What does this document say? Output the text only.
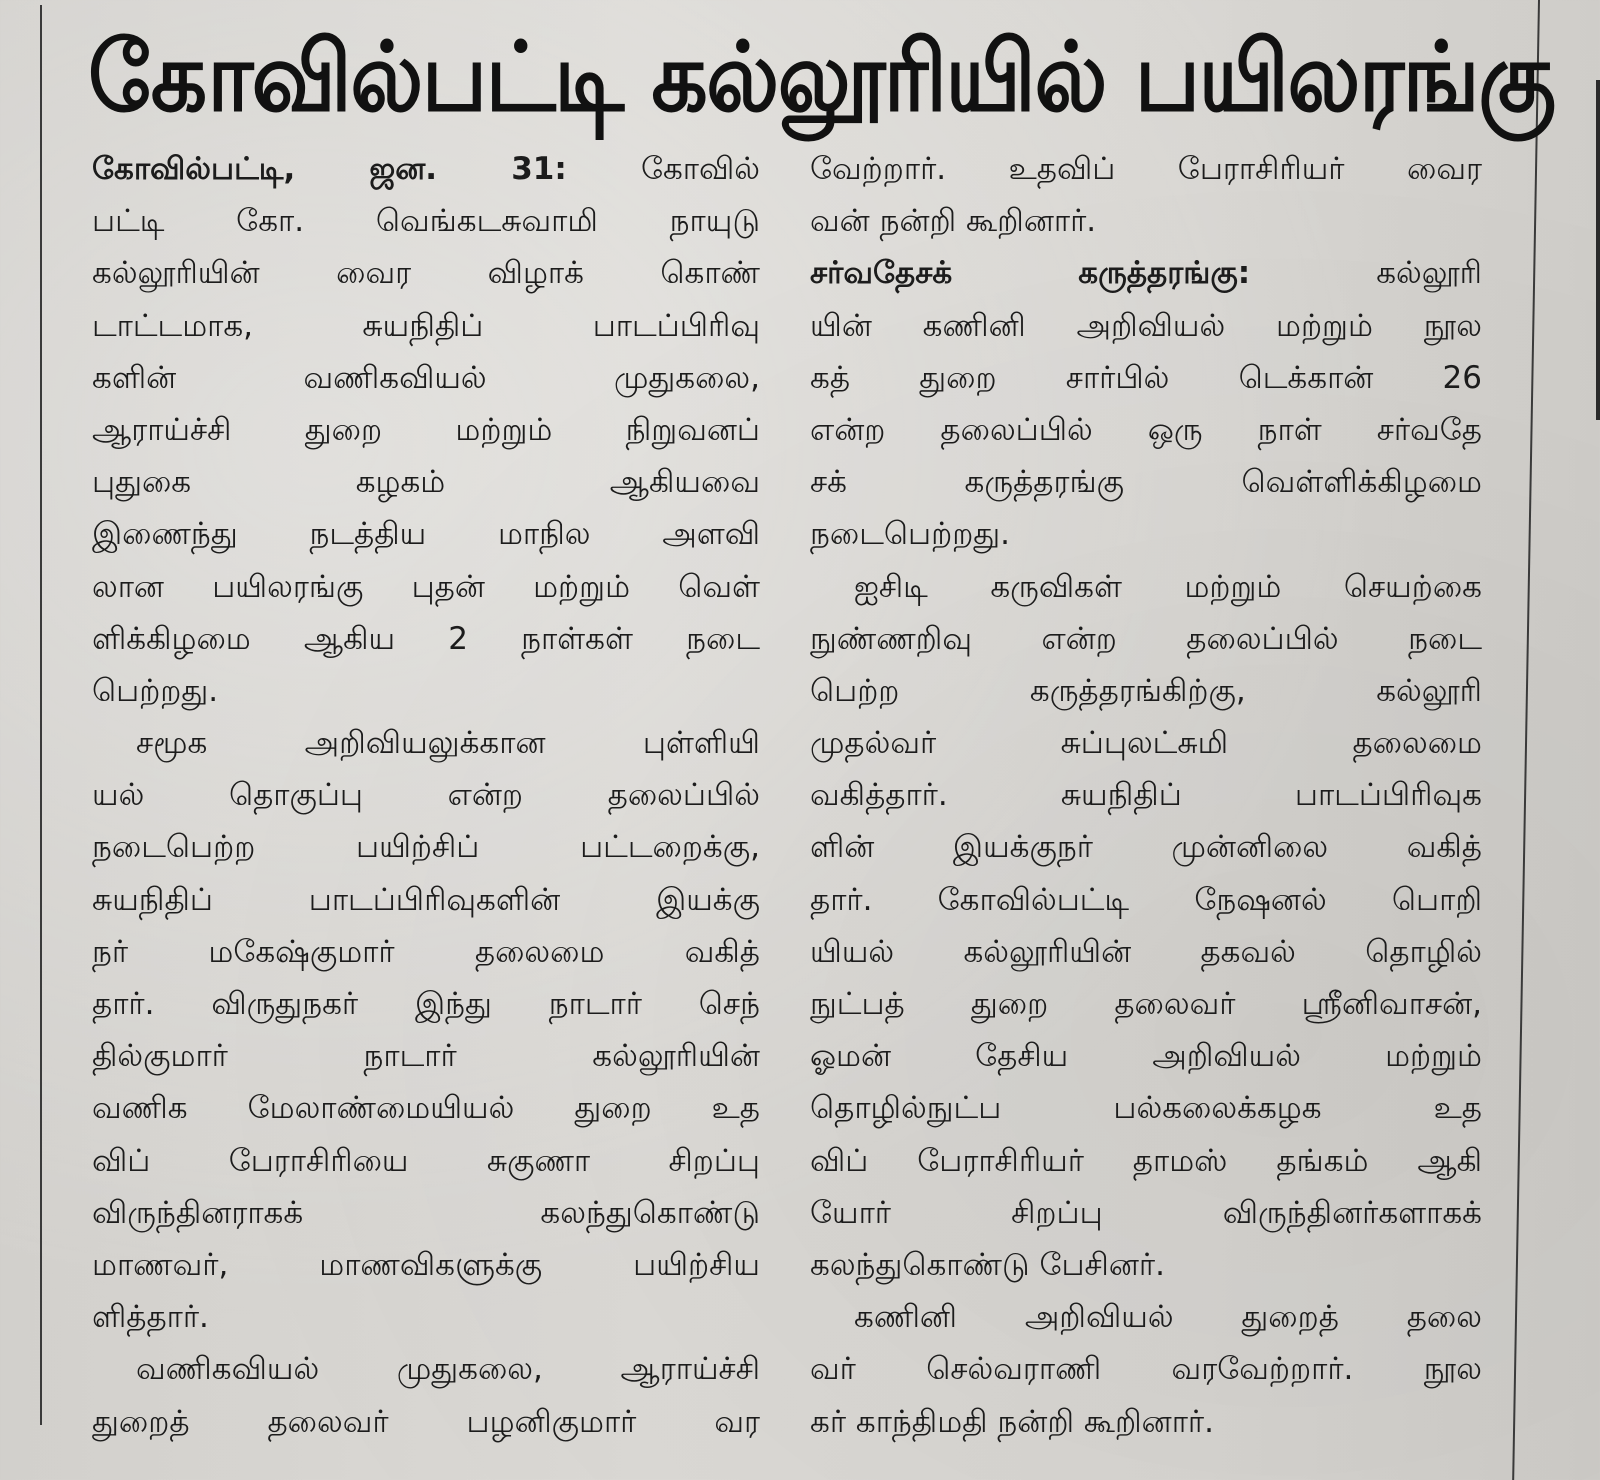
கோவில்பட்டி கல்லூரியில் பயிலரங்கு
கோவில்பட்டி, ஜன. 31: கோவில்
பட்டி கோ. வெங்கடசுவாமி நாயுடு
கல்லூரியின் வைர விழாக் கொண்
டாட்டமாக, சுயநிதிப் பாடப்பிரிவு
களின் வணிகவியல் முதுகலை,
ஆராய்ச்சி துறை மற்றும் நிறுவனப்
புதுகை கழகம் ஆகியவை
இணைந்து நடத்திய மாநில அளவி
லான பயிலரங்கு புதன் மற்றும் வெள்
ளிக்கிழமை ஆகிய 2 நாள்கள் நடை
பெற்றது.
சமூக அறிவியலுக்கான புள்ளியி
யல் தொகுப்பு என்ற தலைப்பில்
நடைபெற்ற பயிற்சிப் பட்டறைக்கு,
சுயநிதிப் பாடப்பிரிவுகளின் இயக்கு
நர் மகேஷ்குமார் தலைமை வகித்
தார். விருதுநகர் இந்து நாடார் செந்
தில்குமார் நாடார் கல்லூரியின்
வணிக மேலாண்மையியல் துறை உத
விப் பேராசிரியை சுகுணா சிறப்பு
விருந்தினராகக் கலந்துகொண்டு
மாணவர், மாணவிகளுக்கு பயிற்சிய
ளித்தார்.
வணிகவியல் முதுகலை, ஆராய்ச்சி
துறைத் தலைவர் பழனிகுமார் வர
வேற்றார். உதவிப் பேராசிரியர் வைர
வன் நன்றி கூறினார்.
சர்வதேசக் கருத்தரங்கு: கல்லூரி
யின் கணினி அறிவியல் மற்றும் நூல
கத் துறை சார்பில் டெக்கான் 26
என்ற தலைப்பில் ஒரு நாள் சர்வதே
சக் கருத்தரங்கு வெள்ளிக்கிழமை
நடைபெற்றது.
ஐசிடி கருவிகள் மற்றும் செயற்கை
நுண்ணறிவு என்ற தலைப்பில் நடை
பெற்ற கருத்தரங்கிற்கு, கல்லூரி
முதல்வர் சுப்புலட்சுமி தலைமை
வகித்தார். சுயநிதிப் பாடப்பிரிவுக
ளின் இயக்குநர் முன்னிலை வகித்
தார். கோவில்பட்டி நேஷனல் பொறி
யியல் கல்லூரியின் தகவல் தொழில்
நுட்பத் துறை தலைவர் ஸ்ரீனிவாசன்,
ஓமன் தேசிய அறிவியல் மற்றும்
தொழில்நுட்ப பல்கலைக்கழக உத
விப் பேராசிரியர் தாமஸ் தங்கம் ஆகி
யோர் சிறப்பு விருந்தினர்களாகக்
கலந்துகொண்டு பேசினர்.
கணினி அறிவியல் துறைத் தலை
வர் செல்வராணி வரவேற்றார். நூல
கர் காந்திமதி நன்றி கூறினார்.
